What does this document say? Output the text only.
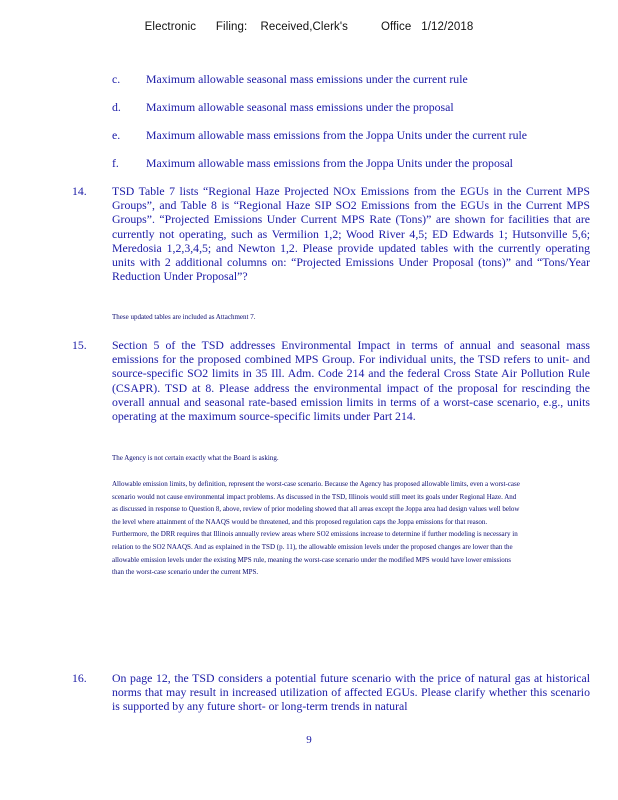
Electronic      Filing:    Received,Clerk's          Office   1/12/2018
c. Maximum allowable seasonal mass emissions under the current rule
d. Maximum allowable seasonal mass emissions under the proposal
e. Maximum allowable mass emissions from the Joppa Units under the current rule
f. Maximum allowable mass emissions from the Joppa Units under the proposal
14. TSD Table 7 lists “Regional Haze Projected NOx Emissions from the EGUs in the Current MPS Groups”, and Table 8 is “Regional Haze SIP SO2 Emissions from the EGUs in the Current MPS Groups”. “Projected Emissions Under Current MPS Rate (Tons)” are shown for facilities that are currently not operating, such as Vermilion 1,2; Wood River 4,5; ED Edwards 1; Hutsonville 5,6; Meredosia 1,2,3,4,5; and Newton 1,2. Please provide updated tables with the currently operating units with 2 additional columns on: “Projected Emissions Under Proposal (tons)” and “Tons/Year Reduction Under Proposal”?
These updated tables are included as Attachment 7.
15. Section 5 of the TSD addresses Environmental Impact in terms of annual and seasonal mass emissions for the proposed combined MPS Group. For individual units, the TSD refers to unit- and source-specific SO2 limits in 35 Ill. Adm. Code 214 and the federal Cross State Air Pollution Rule (CSAPR). TSD at 8. Please address the environmental impact of the proposal for rescinding the overall annual and seasonal rate-based emission limits in terms of a worst-case scenario, e.g., units operating at the maximum source-specific limits under Part 214.
The Agency is not certain exactly what the Board is asking.
Allowable emission limits, by definition, represent the worst-case scenario. Because the Agency has proposed allowable limits, even a worst-case scenario would not cause environmental impact problems. As discussed in the TSD, Illinois would still meet its goals under Regional Haze. And as discussed in response to Question 8, above, review of prior modeling showed that all areas except the Joppa area had design values well below the level where attainment of the NAAQS would be threatened, and this proposed regulation caps the Joppa emissions for that reason. Furthermore, the DRR requires that Illinois annually review areas where SO2 emissions increase to determine if further modeling is necessary in relation to the SO2 NAAQS. And as explained in the TSD (p. 11), the allowable emission levels under the proposed changes are lower than the allowable emission levels under the existing MPS rule, meaning the worst-case scenario under the modified MPS would have lower emissions than the worst-case scenario under the current MPS.
16. On page 12, the TSD considers a potential future scenario with the price of natural gas at historical norms that may result in increased utilization of affected EGUs. Please clarify whether this scenario is supported by any future short- or long-term trends in natural
9
